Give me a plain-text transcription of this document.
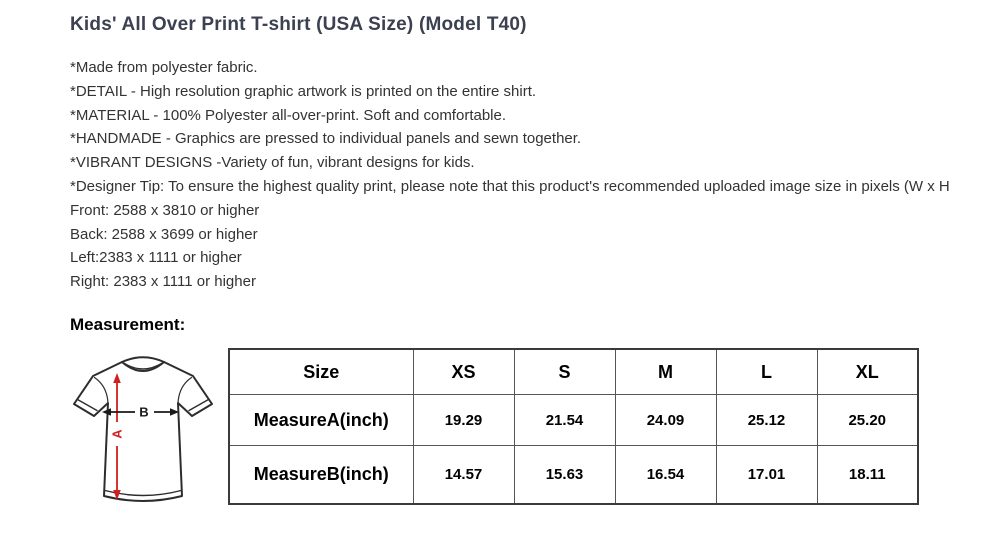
Kids' All Over Print T-shirt (USA Size) (Model T40)
*Made from polyester fabric.
*DETAIL - High resolution graphic artwork is printed on the entire shirt.
*MATERIAL - 100% Polyester all-over-print. Soft and comfortable.
*HANDMADE - Graphics are pressed to individual panels and sewn together.
*VIBRANT DESIGNS -Variety of fun, vibrant designs for kids.
*Designer Tip: To ensure the highest quality print, please note that this product's recommended uploaded image size in pixels (W x H
Front: 2588 x 3810 or higher
Back: 2588 x 3699 or higher
Left:2383 x 1111 or higher
Right: 2383 x 1111 or higher
Measurement:
A
B
Size	XS	S	M	L	XL
MeasureA(inch)	19.29	21.54	24.09	25.12	25.20
MeasureB(inch)	14.57	15.63	16.54	17.01	18.11
